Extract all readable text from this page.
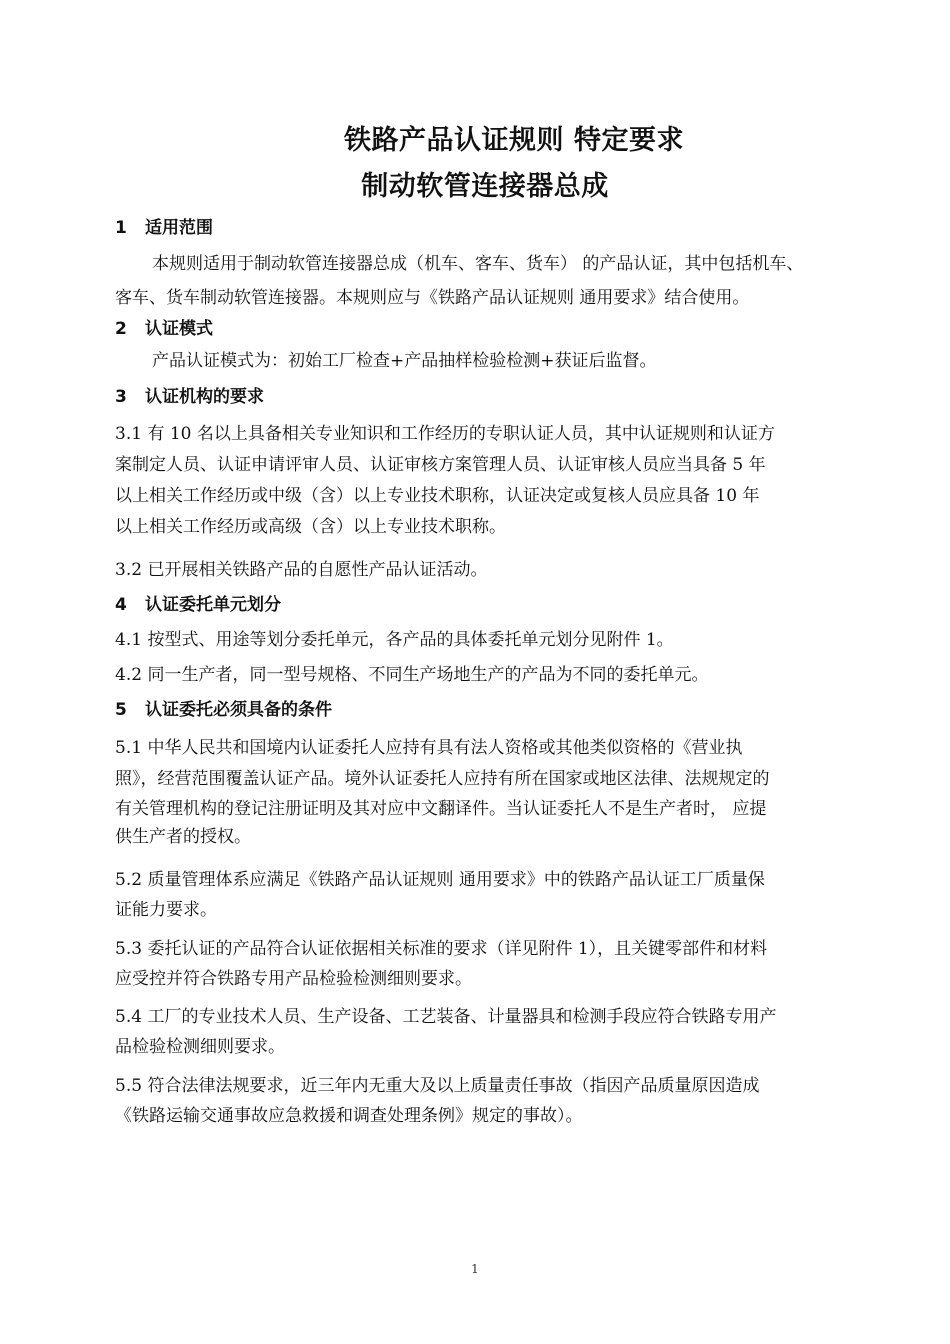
铁路产品认证规则 特定要求
制动软管连接器总成
1 适用范围
本规则适用于制动软管连接器总成（机车、客车、货车） 的产品认证，其中包括机车、
客车、货车制动软管连接器。本规则应与《铁路产品认证规则 通用要求》结合使用。
2 认证模式
产品认证模式为：初始工厂检查+产品抽样检验检测+获证后监督。
3 认证机构的要求
3.1 有 10 名以上具备相关专业知识和工作经历的专职认证人员，其中认证规则和认证方
案制定人员、认证申请评审人员、认证审核方案管理人员、认证审核人员应当具备 5 年
以上相关工作经历或中级（含）以上专业技术职称，认证决定或复核人员应具备 10 年
以上相关工作经历或高级（含）以上专业技术职称。
3.2 已开展相关铁路产品的自愿性产品认证活动。
4 认证委托单元划分
4.1 按型式、用途等划分委托单元，各产品的具体委托单元划分见附件 1。
4.2 同一生产者，同一型号规格、不同生产场地生产的产品为不同的委托单元。
5 认证委托必须具备的条件
5.1 中华人民共和国境内认证委托人应持有具有法人资格或其他类似资格的《营业执
照》，经营范围覆盖认证产品。境外认证委托人应持有所在国家或地区法律、法规规定的
有关管理机构的登记注册证明及其对应中文翻译件。当认证委托人不是生产者时， 应提
供生产者的授权。
5.2 质量管理体系应满足《铁路产品认证规则 通用要求》中的铁路产品认证工厂质量保
证能力要求。
5.3 委托认证的产品符合认证依据相关标准的要求（详见附件 1），且关键零部件和材料
应受控并符合铁路专用产品检验检测细则要求。
5.4 工厂的专业技术人员、生产设备、工艺装备、计量器具和检测手段应符合铁路专用产
品检验检测细则要求。
5.5 符合法律法规要求，近三年内无重大及以上质量责任事故（指因产品质量原因造成
《铁路运输交通事故应急救援和调查处理条例》规定的事故）。
1
